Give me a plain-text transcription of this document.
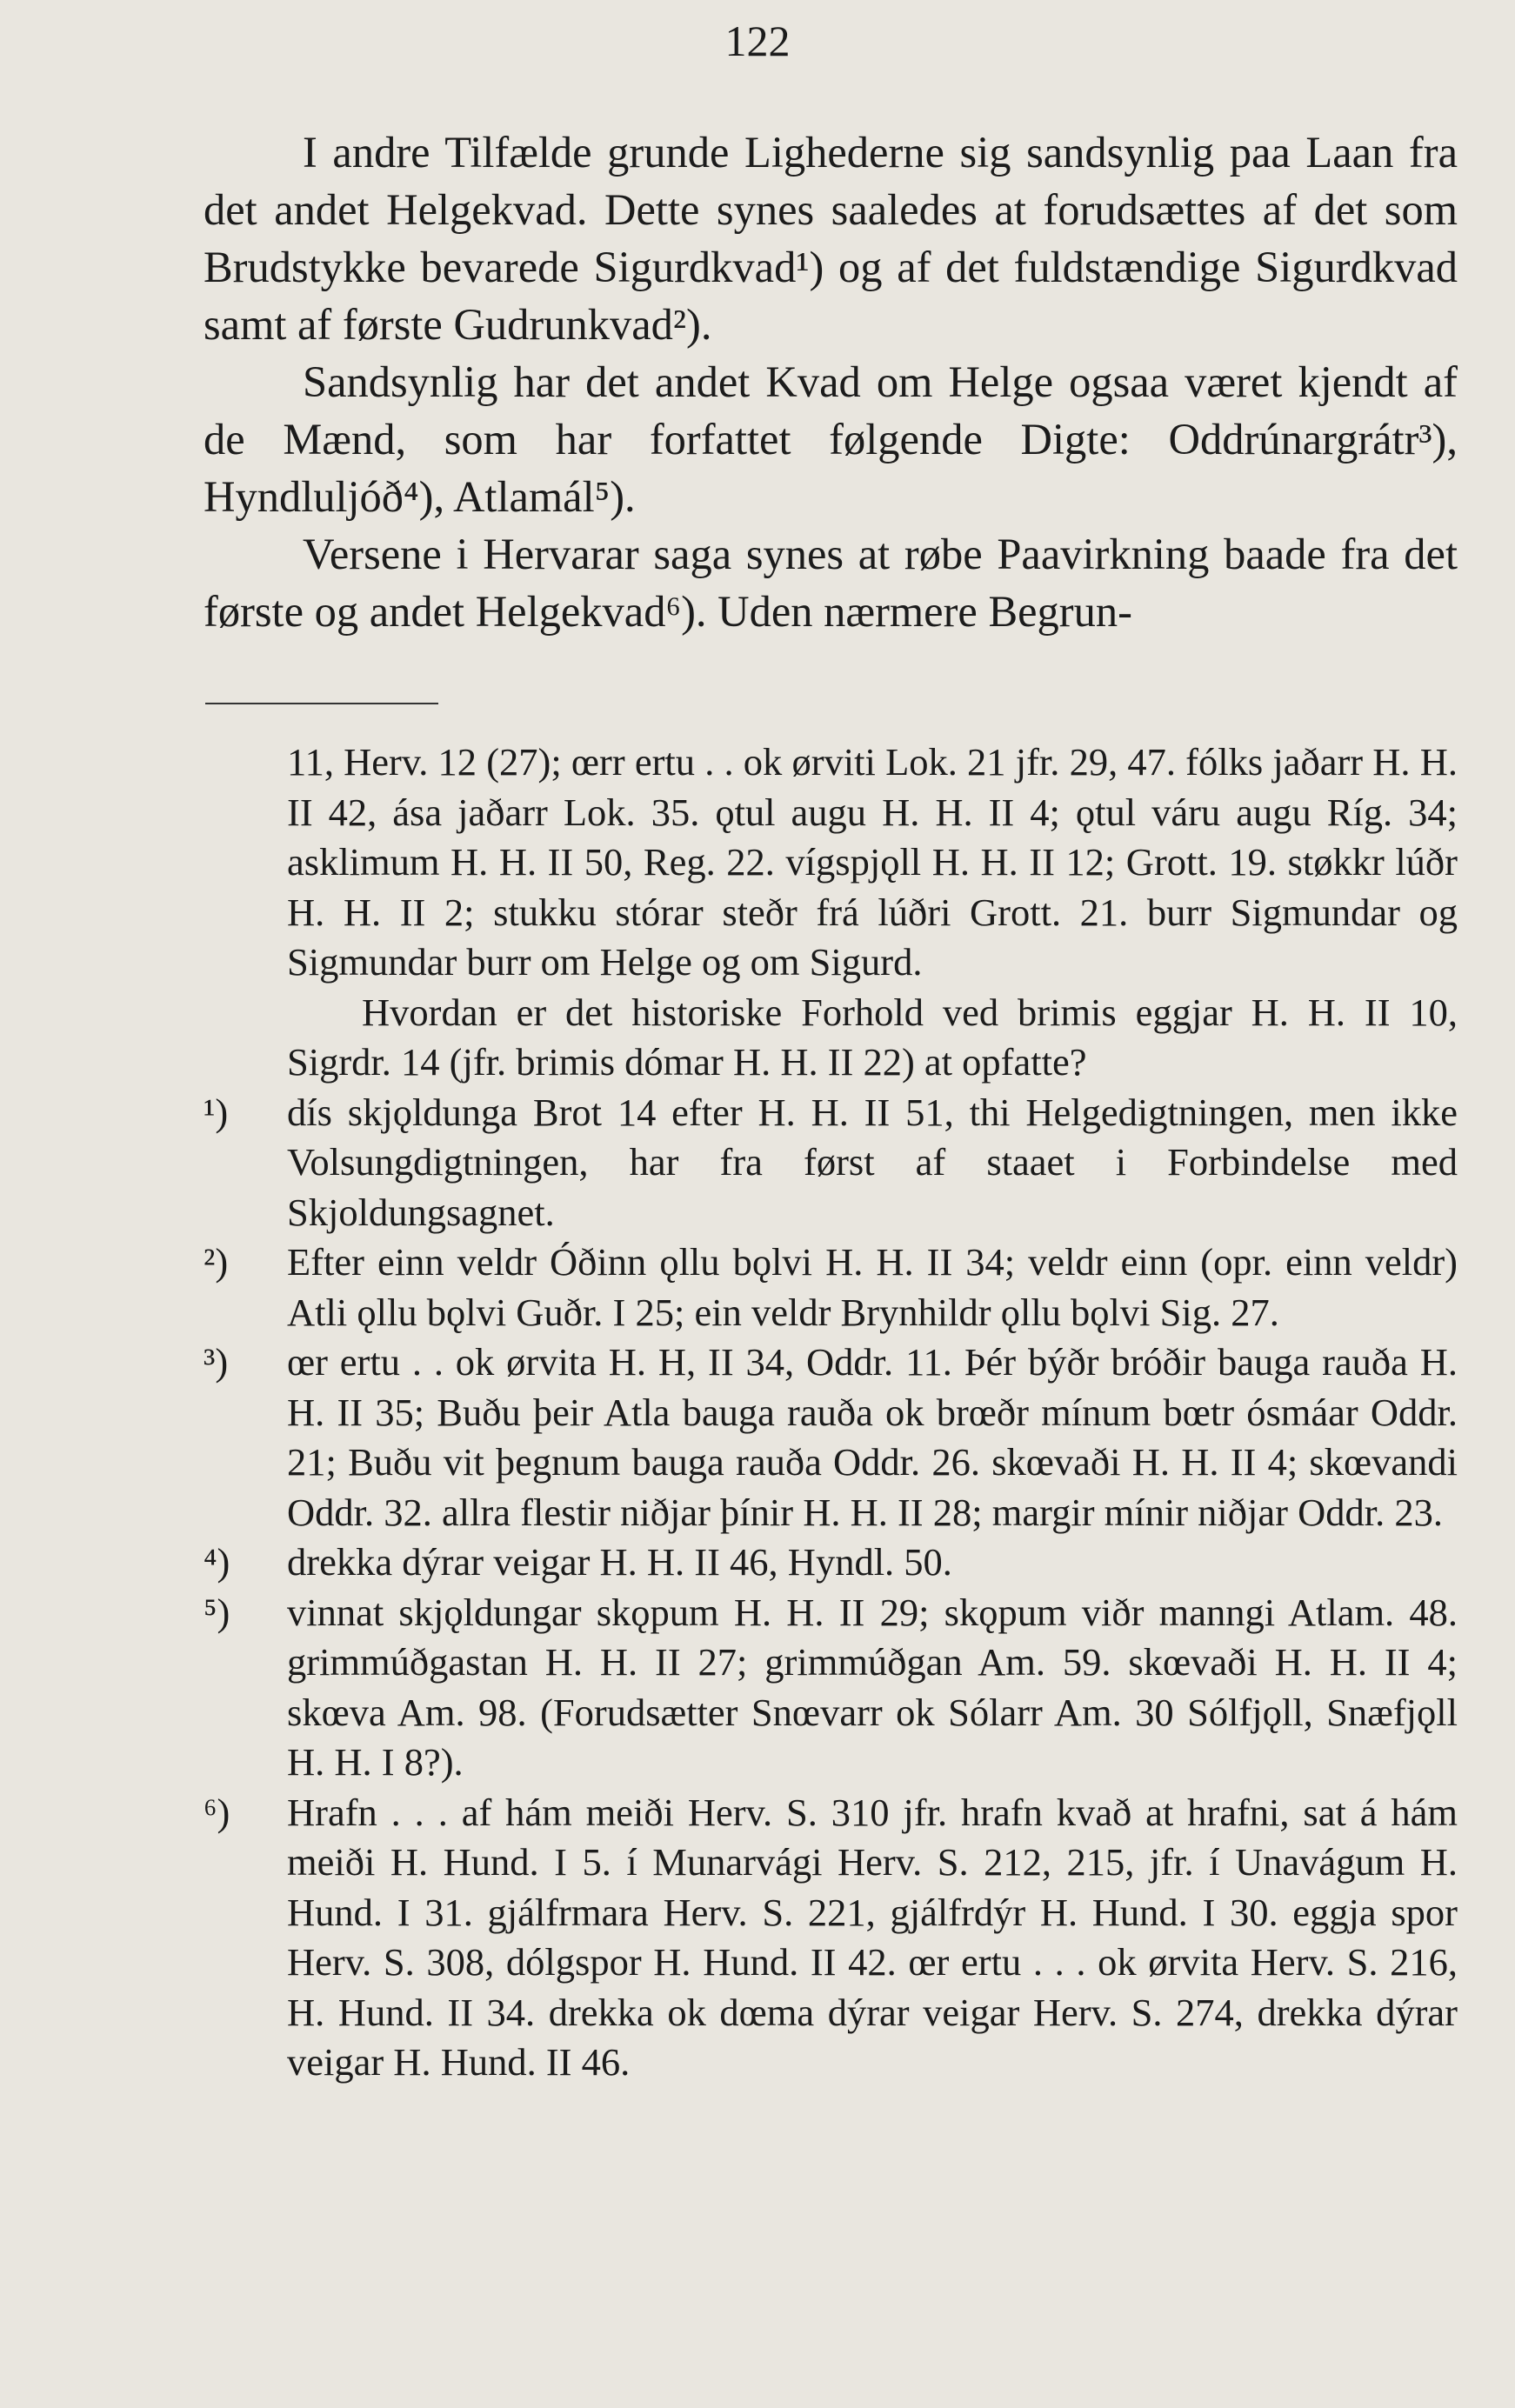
122

I andre Tilfælde grunde Lighederne sig sandsynlig paa Laan fra det andet Helgekvad. Dette synes saaledes at forudsættes af det som Brudstykke bevarede Sigurdkvad¹) og af det fuldstændige Sigurdkvad samt af første Gudrunkvad²).

Sandsynlig har det andet Kvad om Helge ogsaa været kjendt af de Mænd, som har forfattet følgende Digte: Oddrúnargrátr³), Hyndluljóð⁴), Atlamál⁵).

Versene i Hervarar saga synes at røbe Paavirkning baade fra det første og andet Helgekvad⁶). Uden nærmere Begrun-

11, Herv. 12 (27); œrr ertu . . ok ørviti Lok. 21 jfr. 29, 47. fólks jaðarr H. H. II 42, ása jaðarr Lok. 35. ǫtul augu H. H. II 4; ǫtul váru augu Ríg. 34; asklimum H. H. II 50, Reg. 22. vígspjǫll H. H. II 12; Grott. 19. støkkr lúðr H. H. II 2; stukku stórar steðr frá lúðri Grott. 21. burr Sigmundar og Sigmundar burr om Helge og om Sigurd.

Hvordan er det historiske Forhold ved brimis eggjar H. H. II 10, Sigrdr. 14 (jfr. brimis dómar H. H. II 22) at opfatte?

¹) dís skjǫldunga Brot 14 efter H. H. II 51, thi Helgedigtningen, men ikke Volsungdigtningen, har fra først af staaet i Forbindelse med Skjoldungsagnet.

²) Efter einn veldr Óðinn ǫllu bǫlvi H. H. II 34; veldr einn (opr. einn veldr) Atli ǫllu bǫlvi Guðr. I 25; ein veldr Brynhildr ǫllu bǫlvi Sig. 27.

³) œr ertu . . ok ørvita H. H, II 34, Oddr. 11. Þér býðr bróðir bauga rauða H. H. II 35; Buðu þeir Atla bauga rauða ok brœðr mínum bœtr ósmáar Oddr. 21; Buðu vit þegnum bauga rauða Oddr. 26. skœvaði H. H. II 4; skœvandi Oddr. 32. allra flestir niðjar þínir H. H. II 28; margir mínir niðjar Oddr. 23.

⁴) drekka dýrar veigar H. H. II 46, Hyndl. 50.

⁵) vinnat skjǫldungar skǫpum H. H. II 29; skǫpum viðr manngi Atlam. 48. grimmúðgastan H. H. II 27; grimmúðgan Am. 59. skœvaði H. H. II 4; skœva Am. 98. (Forudsætter Snœvarr ok Sólarr Am. 30 Sólfjǫll, Snæfjǫll H. H. I 8?).

⁶) Hrafn . . . af hám meiði Herv. S. 310 jfr. hrafn kvað at hrafni, sat á hám meiði H. Hund. I 5. í Munarvági Herv. S. 212, 215, jfr. í Unavágum H. Hund. I 31. gjálfrmara Herv. S. 221, gjálfrdýr H. Hund. I 30. eggja spor Herv. S. 308, dólgspor H. Hund. II 42. œr ertu . . . ok ørvita Herv. S. 216, H. Hund. II 34. drekka ok dœma dýrar veigar Herv. S. 274, drekka dýrar veigar H. Hund. II 46.
